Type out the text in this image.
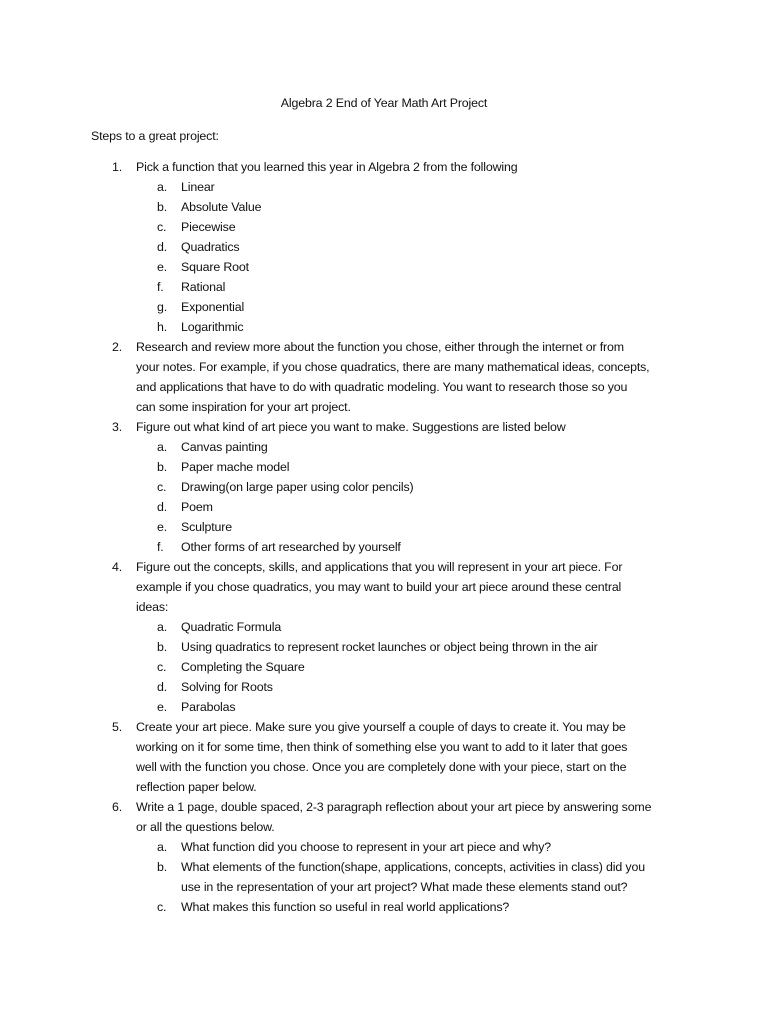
Algebra 2 End of Year Math Art Project
Steps to a great project:
1. Pick a function that you learned this year in Algebra 2 from the following
a. Linear
b. Absolute Value
c. Piecewise
d. Quadratics
e. Square Root
f. Rational
g. Exponential
h. Logarithmic
2. Research and review more about the function you chose, either through the internet or from
your notes. For example, if you chose quadratics, there are many mathematical ideas, concepts,
and applications that have to do with quadratic modeling. You want to research those so you
can some inspiration for your art project.
3. Figure out what kind of art piece you want to make. Suggestions are listed below
a. Canvas painting
b. Paper mache model
c. Drawing(on large paper using color pencils)
d. Poem
e. Sculpture
f. Other forms of art researched by yourself
4. Figure out the concepts, skills, and applications that you will represent in your art piece. For
example if you chose quadratics, you may want to build your art piece around these central
ideas:
a. Quadratic Formula
b. Using quadratics to represent rocket launches or object being thrown in the air
c. Completing the Square
d. Solving for Roots
e. Parabolas
5. Create your art piece. Make sure you give yourself a couple of days to create it. You may be
working on it for some time, then think of something else you want to add to it later that goes
well with the function you chose. Once you are completely done with your piece, start on the
reflection paper below.
6. Write a 1 page, double spaced, 2-3 paragraph reflection about your art piece by answering some
or all the questions below.
a. What function did you choose to represent in your art piece and why?
b. What elements of the function(shape, applications, concepts, activities in class) did you
use in the representation of your art project? What made these elements stand out?
c. What makes this function so useful in real world applications?
